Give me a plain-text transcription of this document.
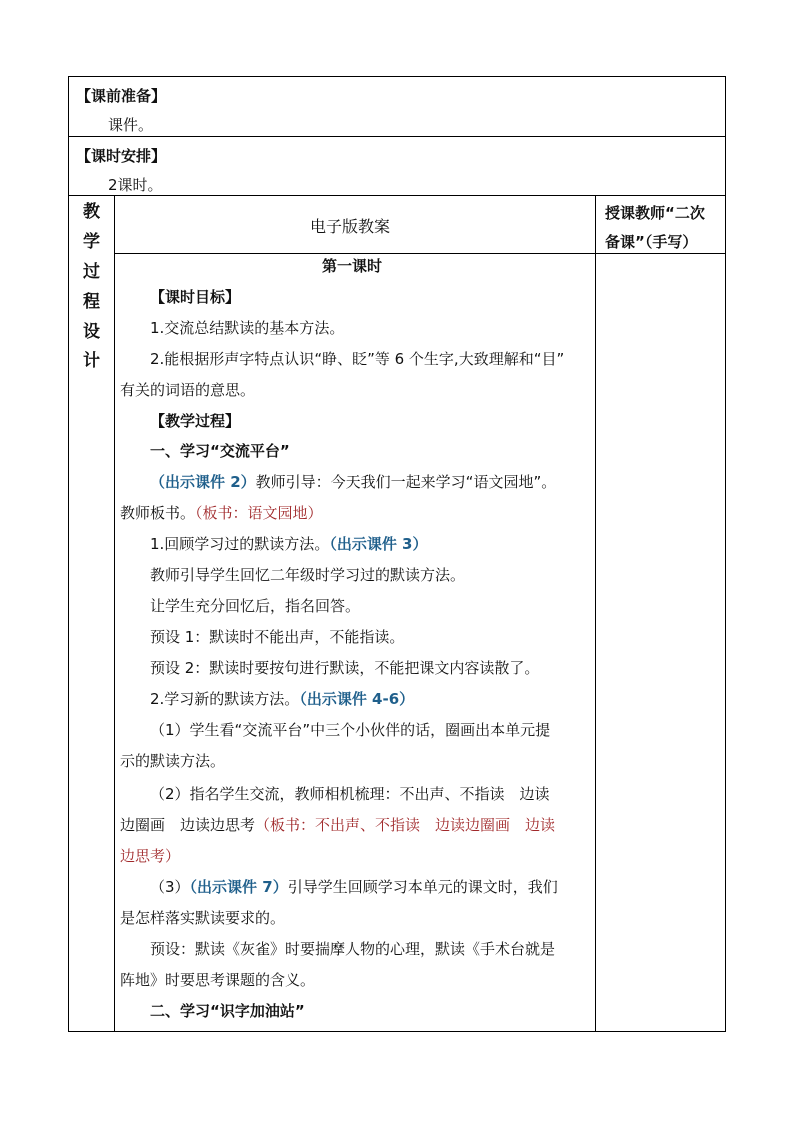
【课前准备】
课件。
【课时安排】
2课时。
教
学
过
程
设
计
电子版教案
授课教师“二次
备课”（手写）
第一课时
【课时目标】
1.交流总结默读的基本方法。
2.能根据形声字特点认识“睁、眨”等 6 个生字,大致理解和“目”
有关的词语的意思。
【教学过程】
一、学习“交流平台”
（出示课件 2）教师引导：今天我们一起来学习“语文园地”。
教师板书。（板书：语文园地）
1.回顾学习过的默读方法。（出示课件 3）
教师引导学生回忆二年级时学习过的默读方法。
让学生充分回忆后，指名回答。
预设 1：默读时不能出声，不能指读。
预设 2：默读时要按句进行默读，不能把课文内容读散了。
2.学习新的默读方法。（出示课件 4-6）
（1）学生看“交流平台”中三个小伙伴的话，圈画出本单元提
示的默读方法。
（2）指名学生交流，教师相机梳理：不出声、不指读　边读
边圈画　边读边思考（板书：不出声、不指读　边读边圈画　边读
边思考）
（3）（出示课件 7）引导学生回顾学习本单元的课文时，我们
是怎样落实默读要求的。
预设：默读《灰雀》时要揣摩人物的心理，默读《手术台就是
阵地》时要思考课题的含义。
二、学习“识字加油站”
